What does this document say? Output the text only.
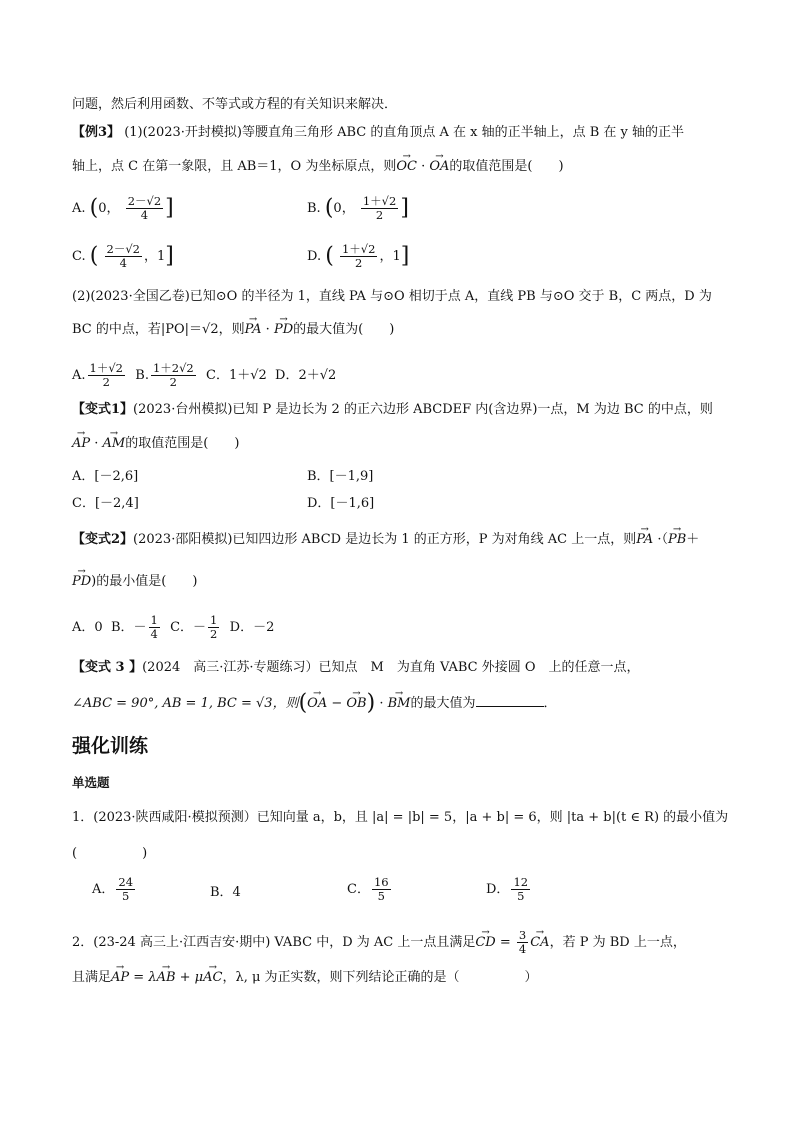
问题，然后利用函数、不等式或方程的有关知识来解决．
【例3】 (1)(2023·开封模拟)等腰直角三角形 ABC 的直角顶点 A 在 x 轴的正半轴上，点 B 在 y 轴的正半
轴上，点 C 在第一象限，且 AB＝1，O 为坐标原点，则→ OC · → OA的取值范围是(　　)
A. (0， $\frac{2-√2}{4}$ ]	B. (0， $\frac{1+√2}{2}$ ]
C. ( $\frac{2-√2}{4}$ ，1]	D. ( $\frac{1+√2}{2}$ ，1]
(2)(2023·全国乙卷)已知⊙O 的半径为 1，直线 PA 与⊙O 相切于点 A，直线 PB 与⊙O 交于 B，C 两点，D 为
BC 的中点，若|PO|＝√2，则→ PA · → PD的最大值为(　　)
A. $\frac{1+√2}{2} B$. $\frac{1+2√2}{2}$ C．1＋√2 D．2＋√2
【变式1】(2023·台州模拟)已知 P 是边长为 2 的正六边形 ABCDEF 内(含边界)一点，M 为边 BC 的中点，则
→ AP · → AM的取值范围是(　　)
A．[－2,6]	B．[－1,9]
C．[－2,4]	D．[－1,6]
【变式2】(2023·邵阳模拟)已知四边形 ABCD 是边长为 1 的正方形，P 为对角线 AC 上一点，则→ PA ·（→ PB＋
→ PD)的最小值是(　　)
A．0 B．－ $\frac{1}{4}$ C．－ $\frac{1}{2}$ D．－2
【变式 3 】(2024　高三·江苏·专题练习）已知点　M　为直角 VABC 外接圆 O　上的任意一点，
∠ABC = 90°, AB = 1, BC = √3，则(→ OA − → OB) · → BM的最大值为	．
强化训练
单选题
1．(2023·陕西咸阳·模拟预测）已知向量 a，b，且 |a| = |b| = 5，|a + b| = 6，则 |ta + b|(t ∈ R) 的最小值为
(　　　　　)
A． $\frac{24}{5}$	B．4	C． $\frac{16}{5}$	D． $\frac{12}{5}$
2．(23-24 高三上·江西吉安·期中) VABC 中，D 为 AC 上一点且满足→ CD = $\frac{3}{4}$
→ CA，若 P 为 BD 上一点，
且满足→ AP = λ→ AB + μ→ AC，λ, μ 为正实数，则下列结论正确的是（　　　　　）
